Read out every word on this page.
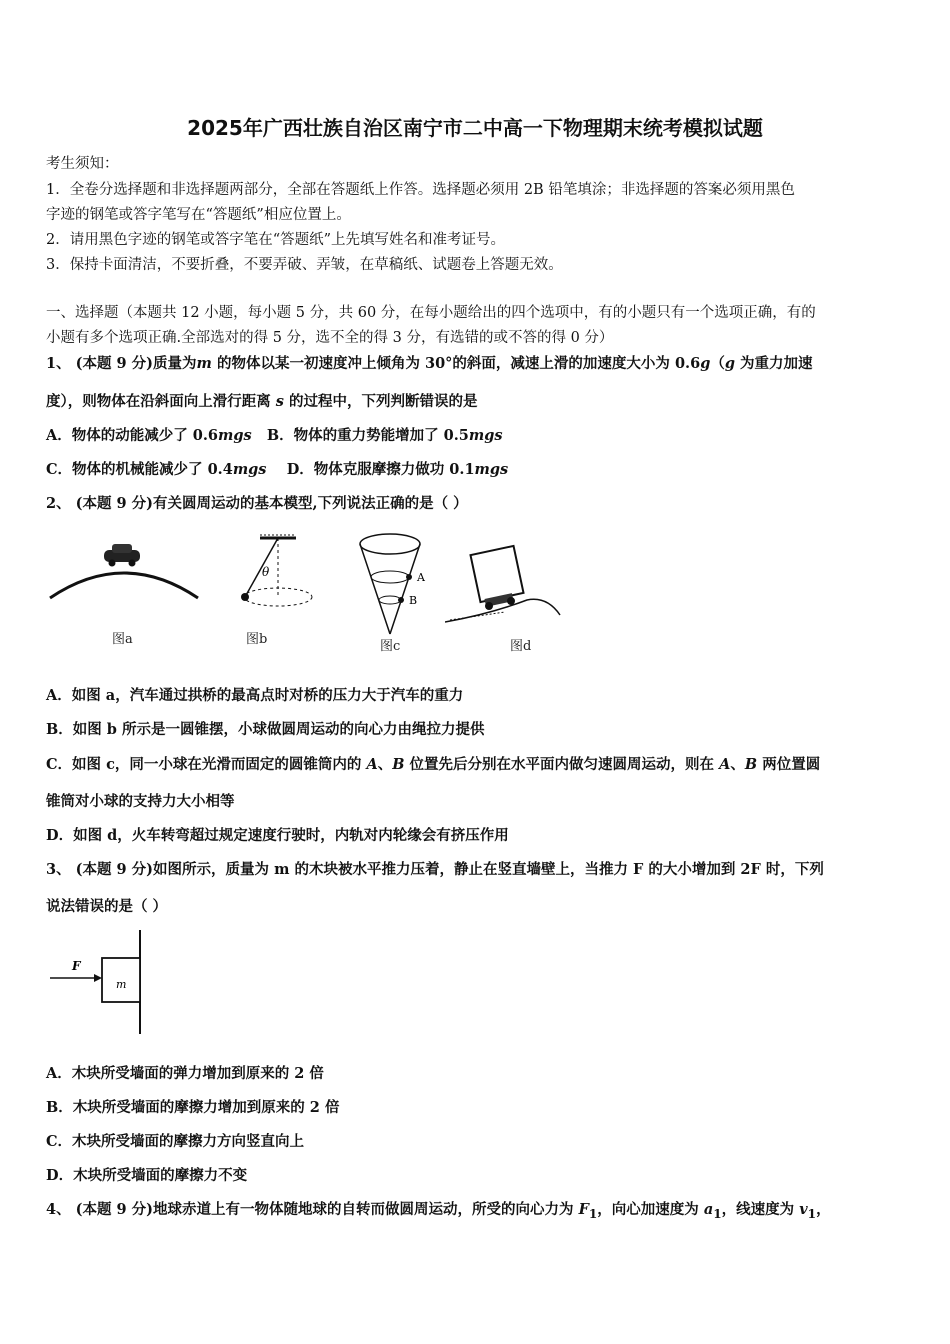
2025年广西壮族自治区南宁市二中高一下物理期末统考模拟试题
考生须知：
1．全卷分选择题和非选择题两部分，全部在答题纸上作答。选择题必须用 2B 铅笔填涂；非选择题的答案必须用黑色
字迹的钢笔或答字笔写在“答题纸”相应位置上。
2．请用黑色字迹的钢笔或答字笔在“答题纸”上先填写姓名和准考证号。
3．保持卡面清洁，不要折叠，不要弄破、弄皱，在草稿纸、试题卷上答题无效。
一、选择题（本题共 12 小题，每小题 5 分，共 60 分，在每小题给出的四个选项中，有的小题只有一个选项正确，有的
小题有多个选项正确.全部选对的得 5 分，选不全的得 3 分，有选错的或不答的得 0 分）
1、 (本题 9 分)质量为m 的物体以某一初速度冲上倾角为 30°的斜面，减速上滑的加速度大小为 0.6g（g 为重力加速
度），则物体在沿斜面向上滑行距离 s 的过程中，下列判断错误的是
A．物体的动能减少了 0.6mgs B．物体的重力势能增加了 0.5mgs
C．物体的机械能减少了 0.4mgs D．物体克服摩擦力做功 0.1mgs
2、 (本题 9 分)有关圆周运动的基本模型,下列说法正确的是（ ）
图a
θ
图b
A
B
图c	图d
A．如图 a，汽车通过拱桥的最高点时对桥的压力大于汽车的重力
B．如图 b 所示是一圆锥摆，小球做圆周运动的向心力由绳拉力提供
C．如图 c，同一小球在光滑而固定的圆锥筒内的 A、B 位置先后分别在水平面内做匀速圆周运动，则在 A、B 两位置圆
锥筒对小球的支持力大小相等
D．如图 d，火车转弯超过规定速度行驶时，内轨对内轮缘会有挤压作用
3、 (本题 9 分)如图所示，质量为 m 的木块被水平推力压着，静止在竖直墙壁上，当推力 F 的大小增加到 2F 时，下列
说法错误的是（ ）
F
m
A．木块所受墙面的弹力增加到原来的 2 倍
B．木块所受墙面的摩擦力增加到原来的 2 倍
C．木块所受墙面的摩擦力方向竖直向上
D．木块所受墙面的摩擦力不变
4、 (本题 9 分)地球赤道上有一物体随地球的自转而做圆周运动，所受的向心力为 $F_1$，向心加速度为 $a_1$，线速度为 $v_1$，
